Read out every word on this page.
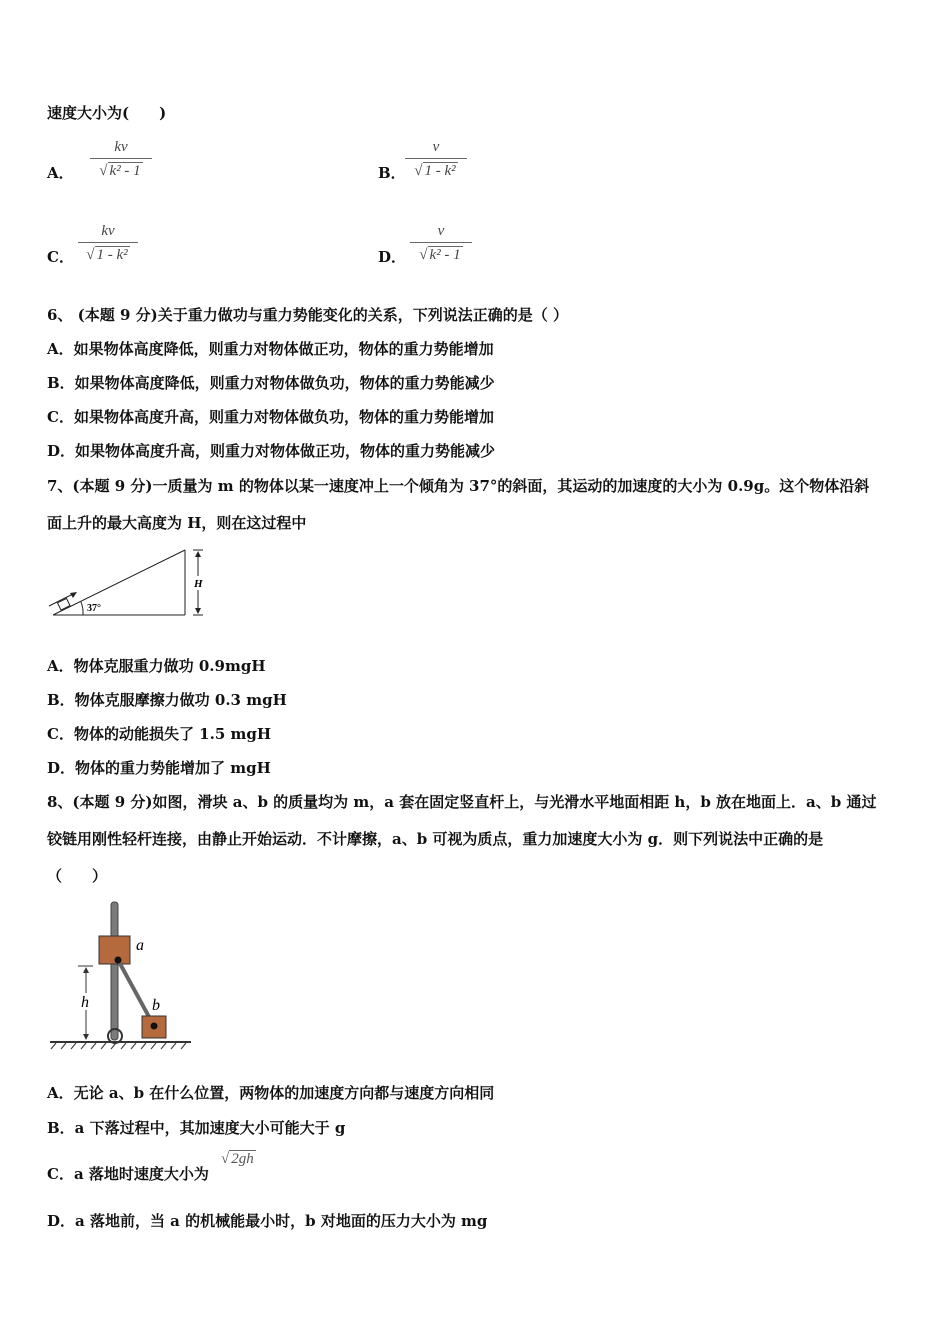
速度大小为(　　)
A．
kv
√ k² - 1	B．
v
√ 1 - k²
C．
kv
√ 1 - k²	D．
v
√ k² - 1
6、 (本题 9 分)关于重力做功与重力势能变化的关系，下列说法正确的是（ ）
A．如果物体高度降低，则重力对物体做正功，物体的重力势能增加
B．如果物体高度降低，则重力对物体做负功，物体的重力势能减少
C．如果物体高度升高，则重力对物体做负功，物体的重力势能增加
D．如果物体高度升高，则重力对物体做正功，物体的重力势能减少
7、(本题 9 分)一质量为 m 的物体以某一速度冲上一个倾角为 37°的斜面，其运动的加速度的大小为 0.9g。这个物体沿斜
面上升的最大高度为 H，则在这过程中
H
37°
A．物体克服重力做功 0.9mgH
B．物体克服摩擦力做功 0.3 mgH
C．物体的动能损失了 1.5 mgH
D．物体的重力势能增加了 mgH
8、(本题 9 分)如图，滑块 a、b 的质量均为 m，a 套在固定竖直杆上，与光滑水平地面相距 h，b 放在地面上．a、b 通过
铰链用刚性轻杆连接，由静止开始运动．不计摩擦，a、b 可视为质点，重力加速度大小为 g．则下列说法中正确的是
（　　）
a
b
h
A．无论 a、b 在什么位置，两物体的加速度方向都与速度方向相同
B．a 下落过程中，其加速度大小可能大于 g
C．a 落地时速度大小为
√ 2gh
D．a 落地前，当 a 的机械能最小时，b 对地面的压力大小为 mg
